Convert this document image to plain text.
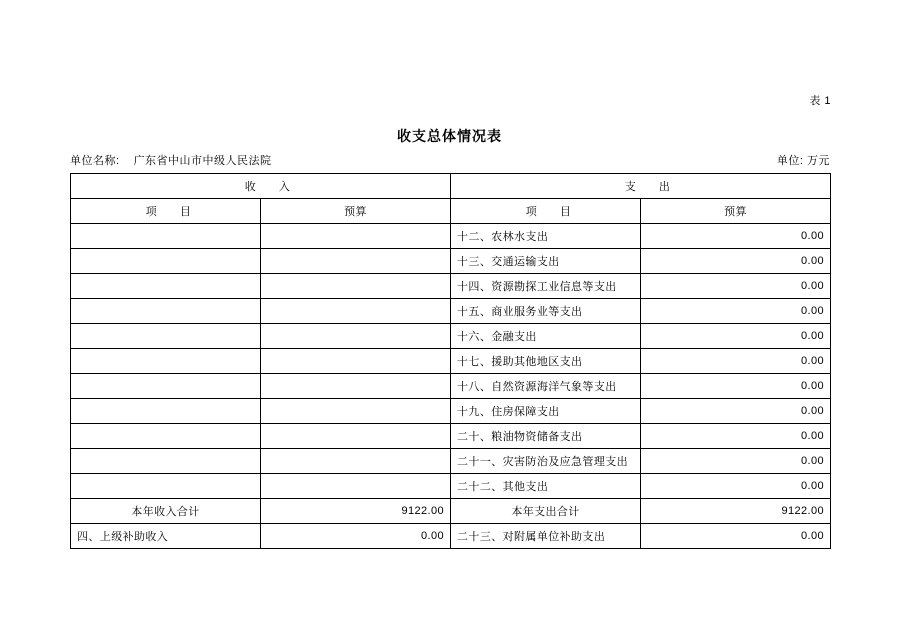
表 1
收支总体情况表
单位名称: 广东省中山市中级人民法院	单位: 万元
收　　入		支　　出	
项　　目	预算	项　　目	预算
		十二、农林水支出	0.00
		十三、交通运输支出	0.00
		十四、资源勘探工业信息等支出	0.00
		十五、商业服务业等支出	0.00
		十六、金融支出	0.00
		十七、援助其他地区支出	0.00
		十八、自然资源海洋气象等支出	0.00
		十九、住房保障支出	0.00
		二十、粮油物资储备支出	0.00
		二十一、灾害防治及应急管理支出	0.00
		二十二、其他支出	0.00
本年收入合计	9122.00	本年支出合计	9122.00
四、上级补助收入	0.00	二十三、对附属单位补助支出	0.00
